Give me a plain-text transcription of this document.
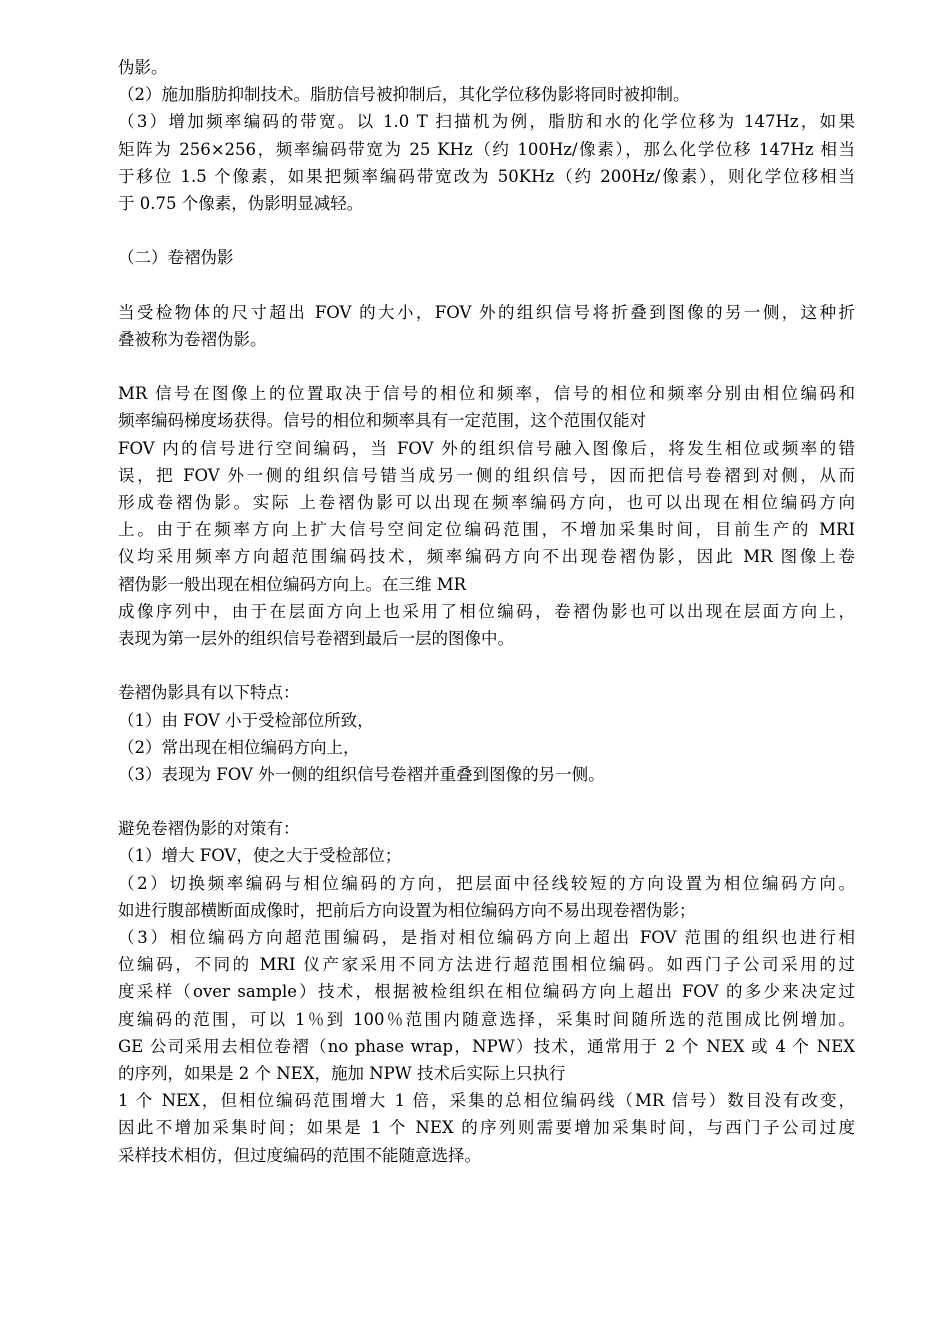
伪影。
（2）施加脂肪抑制技术。脂肪信号被抑制后，其化学位移伪影将同时被抑制。
（3）增加频率编码的带宽。以 1.0 T 扫描机为例，脂肪和水的化学位移为 147Hz，如果
矩阵为 256×256，频率编码带宽为 25 KHz（约 100Hz/像素），那么化学位移 147Hz 相当
于移位 1.5 个像素，如果把频率编码带宽改为 50KHz（约 200Hz/像素），则化学位移相当
于 0.75 个像素，伪影明显减轻。
（二）卷褶伪影
当受检物体的尺寸超出 FOV 的大小，FOV 外的组织信号将折叠到图像的另一侧，这种折
叠被称为卷褶伪影。
MR 信号在图像上的位置取决于信号的相位和频率，信号的相位和频率分别由相位编码和
频率编码梯度场获得。信号的相位和频率具有一定范围，这个范围仅能对
FOV 内的信号进行空间编码，当 FOV 外的组织信号融入图像后，将发生相位或频率的错
误，把 FOV 外一侧的组织信号错当成另一侧的组织信号，因而把信号卷褶到对侧，从而
形成卷褶伪影。实际 上卷褶伪影可以出现在频率编码方向，也可以出现在相位编码方向
上。由于在频率方向上扩大信号空间定位编码范围，不增加采集时间，目前生产的 MRI
仪均采用频率方向超范围编码技术，频率编码方向不出现卷褶伪影，因此 MR 图像上卷
褶伪影一般出现在相位编码方向上。在三维 MR
成像序列中，由于在层面方向上也采用了相位编码，卷褶伪影也可以出现在层面方向上，
表现为第一层外的组织信号卷褶到最后一层的图像中。
卷褶伪影具有以下特点：
（1）由 FOV 小于受检部位所致，
（2）常出现在相位编码方向上，
（3）表现为 FOV 外一侧的组织信号卷褶并重叠到图像的另一侧。
避免卷褶伪影的对策有：
（1）增大 FOV，使之大于受检部位；
（2）切换频率编码与相位编码的方向，把层面中径线较短的方向设置为相位编码方向。
如进行腹部横断面成像时，把前后方向设置为相位编码方向不易出现卷褶伪影；
（3）相位编码方向超范围编码，是指对相位编码方向上超出 FOV 范围的组织也进行相
位编码，不同的 MRI 仪产家采用不同方法进行超范围相位编码。如西门子公司采用的过
度采样（over sample）技术，根据被检组织在相位编码方向上超出 FOV 的多少来决定过
度编码的范围，可以 1％到 100％范围内随意选择，采集时间随所选的范围成比例增加。
GE 公司采用去相位卷褶（no phase wrap，NPW）技术，通常用于 2 个 NEX 或 4 个 NEX
的序列，如果是 2 个 NEX，施加 NPW 技术后实际上只执行
1 个 NEX，但相位编码范围增大 1 倍，采集的总相位编码线（MR 信号）数目没有改变，
因此不增加采集时间；如果是 1 个 NEX 的序列则需要增加采集时间，与西门子公司过度
采样技术相仿，但过度编码的范围不能随意选择。
